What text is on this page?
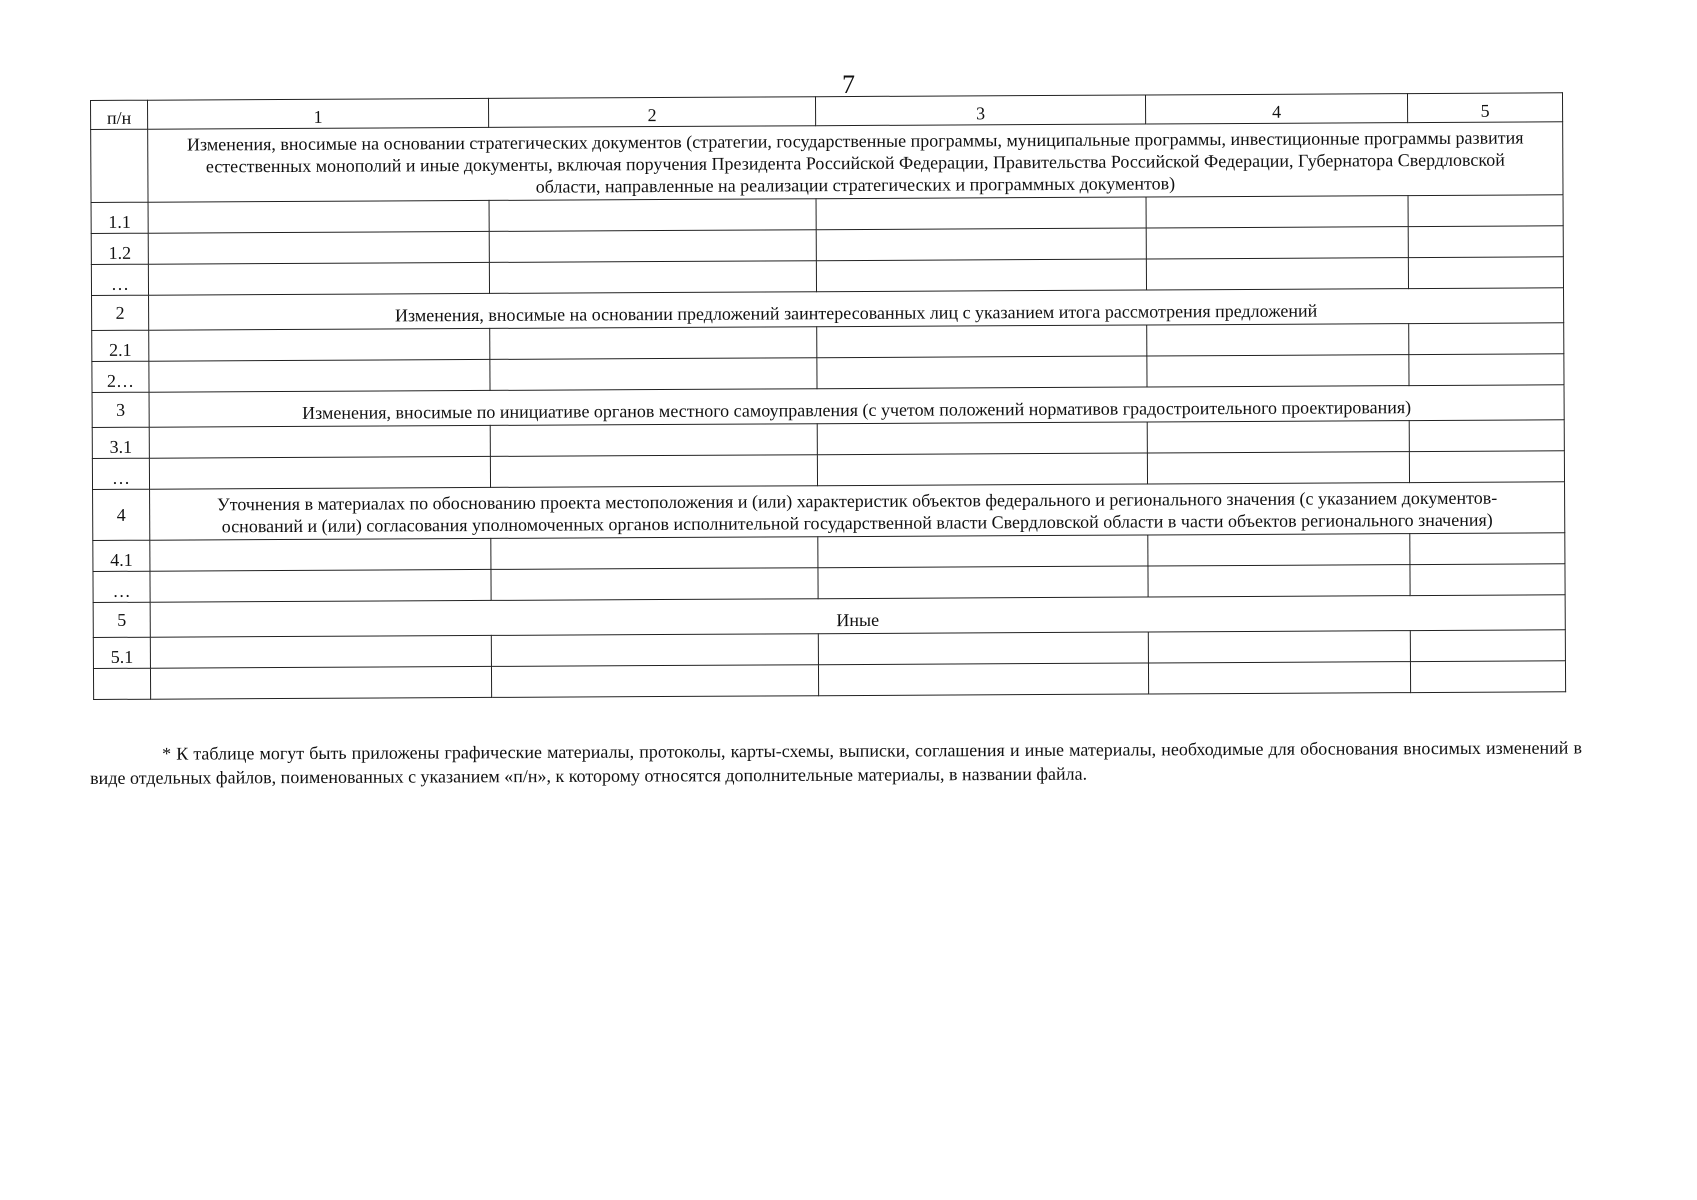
7
п/н	1	2	3	4	5
	Изменения, вносимые на основании стратегических документов (стратегии, государственные программы, муниципальные программы, инвестиционные программы развития естественных монополий и иные документы, включая поручения Президента Российской Федерации, Правительства Российской Федерации, Губернатора Свердловской области, направленные на реализации стратегических и программных документов)				
1.1					
1.2					
…					
2	Изменения, вносимые на основании предложений заинтересованных лиц с указанием итога рассмотрения предложений				
2.1					
2…					
3	Изменения, вносимые по инициативе органов местного самоуправления (с учетом положений нормативов градостроительного проектирования)				
3.1					
…					
4	Уточнения в материалах по обоснованию проекта местоположения и (или) характеристик объектов федерального и регионального значения (с указанием документов-оснований и (или) согласования уполномоченных органов исполнительной государственной власти Свердловской области в части объектов регионального значения)				
4.1					
…					
5	Иные				
5.1					

* К таблице могут быть приложены графические материалы, протоколы, карты-схемы, выписки, соглашения и иные материалы, необходимые для обоснования вносимых изменений в виде отдельных файлов, поименованных с указанием «п/н», к которому относятся дополнительные материалы, в названии файла.
